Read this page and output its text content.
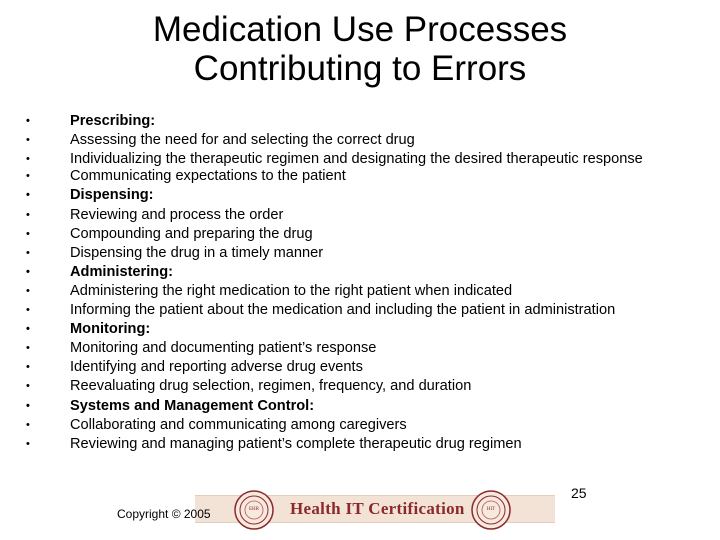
Medication Use Processes
Contributing to Errors
•	Prescribing:
•	Assessing the need for and selecting the correct drug
•	Individualizing the therapeutic regimen and designating the desired therapeutic response
•	Communicating expectations to the patient
•	Dispensing:
•	Reviewing and process the order
•	Compounding and preparing the drug
•	Dispensing the drug in a timely manner
•	Administering:
•	Administering the right medication to the right patient when indicated
•	Informing the patient about the medication and including the patient in administration
•	Monitoring:
•	Monitoring and documenting patient’s response
•	Identifying and reporting adverse drug events
•	Reevaluating drug selection, regimen, frequency, and duration
•	Systems and Management Control:
•	Collaborating and communicating among caregivers
•	Reviewing and managing patient’s complete therapeutic drug regimen
25
Health IT Certification
EHR	HIT
Copyright © 2005
